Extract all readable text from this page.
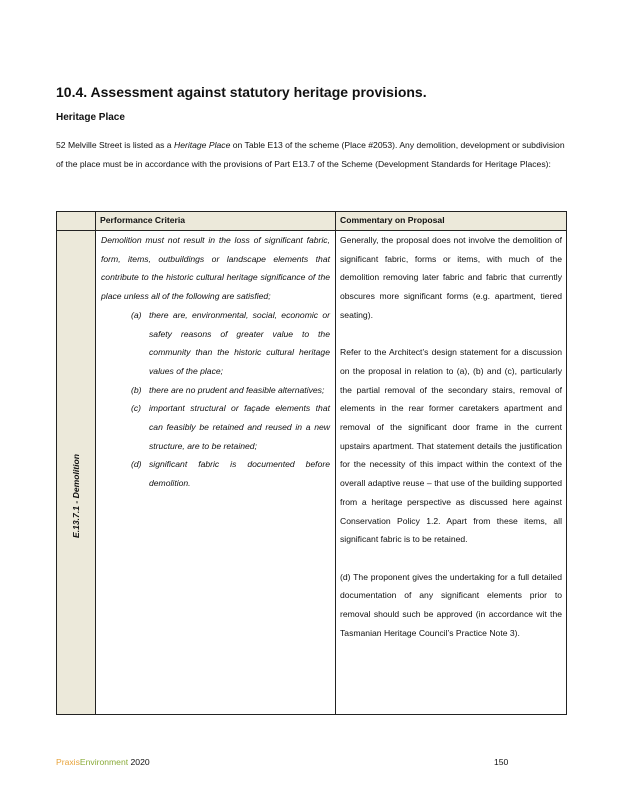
10.4. Assessment against statutory heritage provisions.
Heritage Place
52 Melville Street is listed as a Heritage Place on Table E13 of the scheme (Place #2053). Any demolition, development or subdivision of the place must be in accordance with the provisions of Part E13.7 of the Scheme (Development Standards for Heritage Places):
E.13.7.1 - Demolition
Performance Criteria	Commentary on Proposal
Demolition must not result in the loss of significant fabric, form, items, outbuildings or landscape elements that contribute to the historic cultural heritage significance of the place unless all of the following are satisfied;
(a) there are, environmental, social, economic or safety reasons of greater value to the community than the historic cultural heritage values of the place;
(b) there are no prudent and feasible alternatives;
(c) important structural or façade elements that can feasibly be retained and reused in a new structure, are to be retained;
(d) significant fabric is documented before demolition.

Generally, the proposal does not involve the demolition of significant fabric, forms or items, with much of the demolition removing later fabric and fabric that currently obscures more significant forms (e.g. apartment, tiered seating).

Refer to the Architect’s design statement for a discussion on the proposal in relation to (a), (b) and (c), particularly the partial removal of the secondary stairs, removal of elements in the rear former caretakers apartment and removal of the significant door frame in the current upstairs apartment. That statement details the justification for the necessity of this impact within the context of the overall adaptive reuse – that use of the building supported from a heritage perspective as discussed here against Conservation Policy 1.2. Apart from these items, all significant fabric is to be retained.

(d) The proponent gives the undertaking for a full detailed documentation of any significant elements prior to removal should such be approved (in accordance wit the Tasmanian Heritage Council’s Practice Note 3).

PraxisEnvironment 2020	150
